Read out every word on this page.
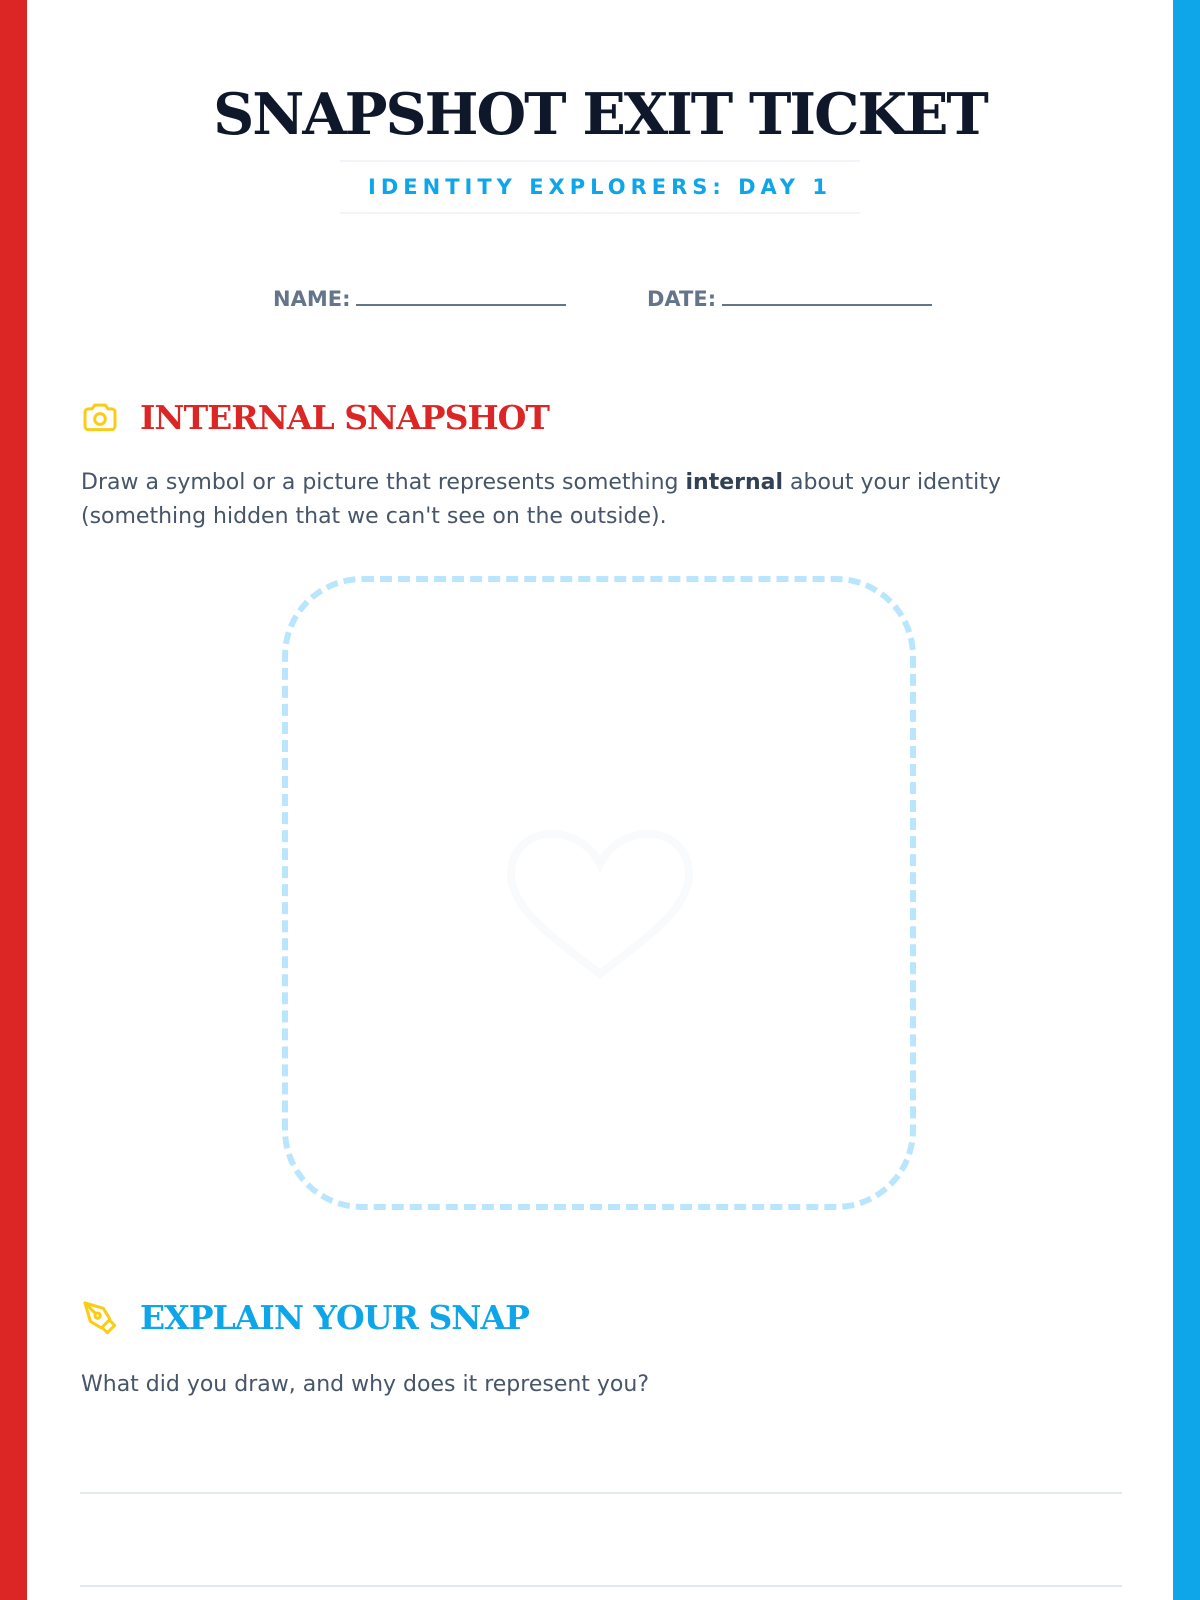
SNAPSHOT EXIT TICKET
IDENTITY EXPLORERS: DAY 1
NAME:	DATE:
INTERNAL SNAPSHOT

Draw a symbol or a picture that represents something internal about your identity (something hidden that we can't see on the outside).

EXPLAIN YOUR SNAP

What did you draw, and why does it represent you?
